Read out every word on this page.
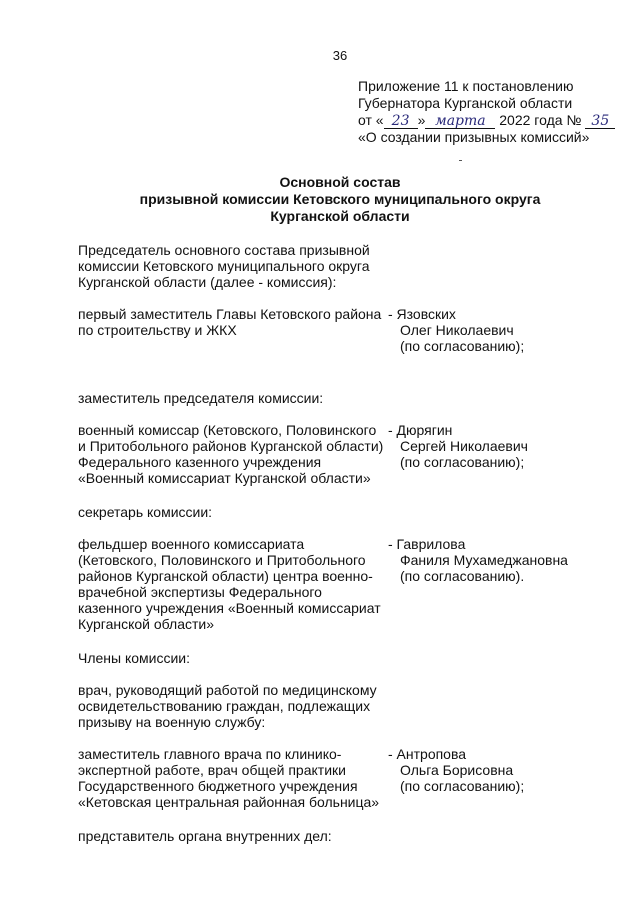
36
Приложение 11 к постановлению
Губернатора Курганской области
от « 23 » марта 2022 года № 35
«О создании призывных комиссий»
Основной состав
призывной комиссии Кетовского муниципального округа
Курганской области
Председатель основного состава призывной
комиссии Кетовского муниципального округа
Курганской области (далее - комиссия):
первый заместитель Главы Кетовского района
по строительству и ЖКХ
- Язовских
Олег Николаевич
(по согласованию);
заместитель председателя комиссии:
военный комиссар (Кетовского, Половинского
и Притобольного районов Курганской области)
Федерального казенного учреждения
«Военный комиссариат Курганской области»
- Дюрягин
Сергей Николаевич
(по согласованию);
секретарь комиссии:
фельдшер военного комиссариата
(Кетовского, Половинского и Притобольного
районов Курганской области) центра военно-
врачебной экспертизы Федерального
казенного учреждения «Военный комиссариат
Курганской области»
- Гаврилова
Фаниля Мухамеджановна
(по согласованию).
Члены комиссии:
врач, руководящий работой по медицинскому
освидетельствованию граждан, подлежащих
призыву на военную службу:
заместитель главного врача по клинико-
экспертной работе, врач общей практики
Государственного бюджетного учреждения
«Кетовская центральная районная больница»
- Антропова
Ольга Борисовна
(по согласованию);
представитель органа внутренних дел:
